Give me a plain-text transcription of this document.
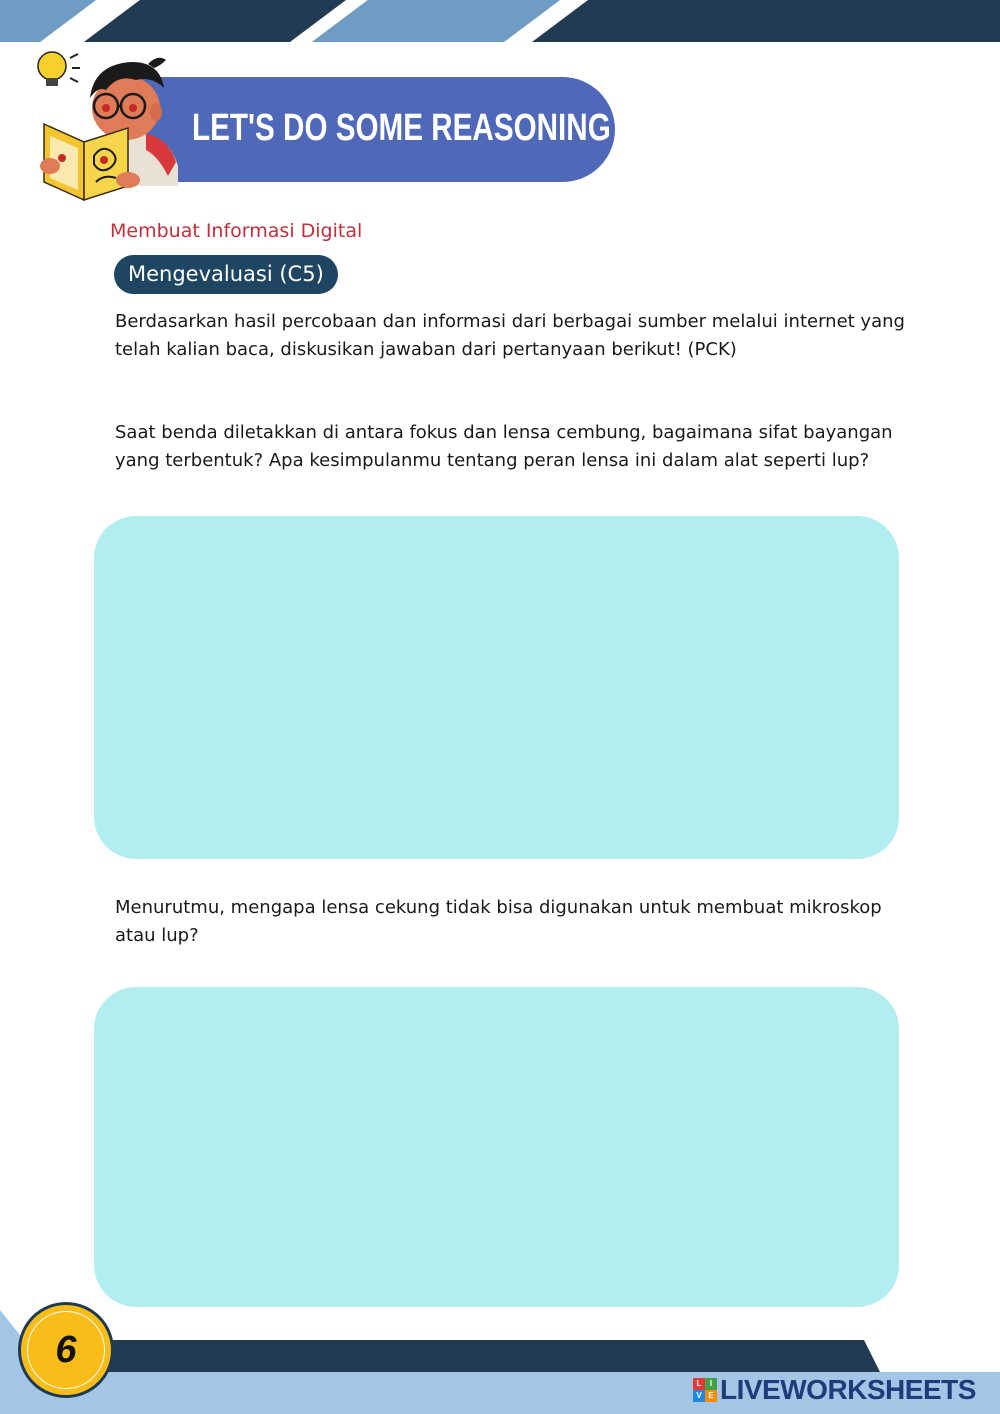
LET'S DO SOME REASONING
Membuat Informasi Digital
Mengevaluasi (C5)

Berdasarkan hasil percobaan dan informasi dari berbagai sumber melalui internet yang telah kalian baca, diskusikan jawaban dari pertanyaan berikut! (PCK)

Saat benda diletakkan di antara fokus dan lensa cembung, bagaimana sifat bayangan yang terbentuk? Apa kesimpulanmu tentang peran lensa ini dalam alat seperti lup?

Menurutmu, mengapa lensa cekung tidak bisa digunakan untuk membuat mikroskop atau lup?

6
L	I
V E LIVEWORKSHEETS
